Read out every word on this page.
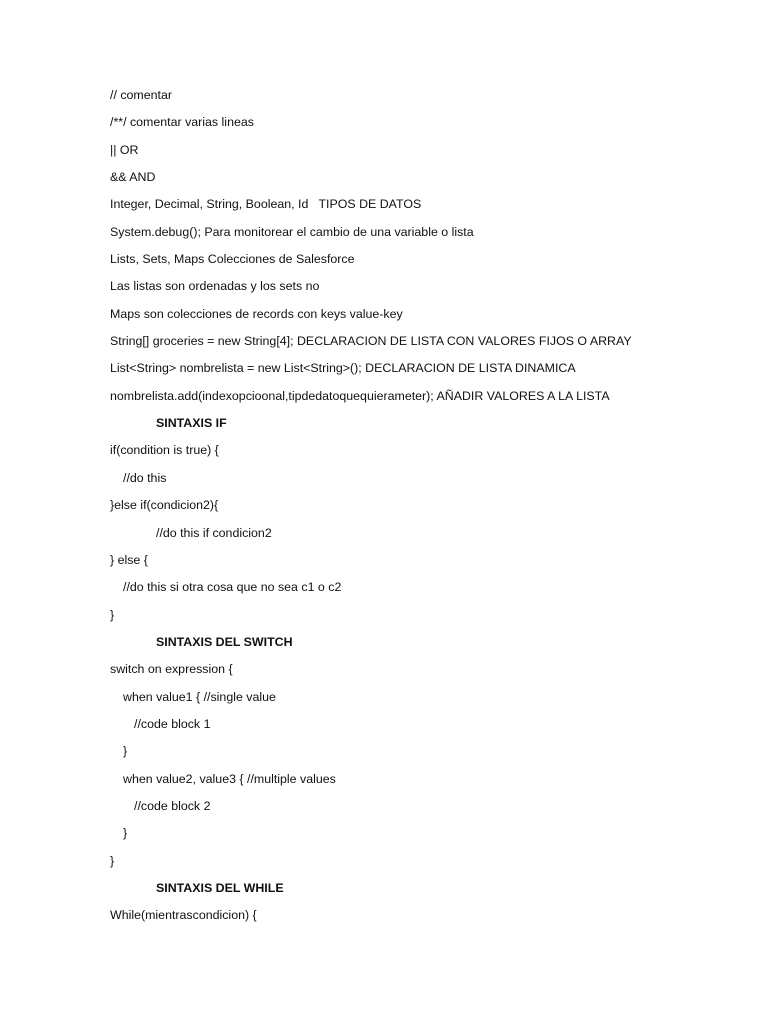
// comentar
/**/ comentar varias lineas
|| OR
&& AND
Integer, Decimal, String, Boolean, Id   TIPOS DE DATOS
System.debug(); Para monitorear el cambio de una variable o lista
Lists, Sets, Maps Colecciones de Salesforce
Las listas son ordenadas y los sets no
Maps son colecciones de records con keys value-key
String[] groceries = new String[4]; DECLARACION DE LISTA CON VALORES FIJOS O ARRAY
List<String> nombrelista = new List<String>(); DECLARACION DE LISTA DINAMICA
nombrelista.add(indexopcioonal,tipdedatoquequierameter); AÑADIR VALORES A LA LISTA
SINTAXIS IF
if(condition is true) {
//do this
}else if(condicion2){
//do this if condicion2
} else {
//do this si otra cosa que no sea c1 o c2
}
SINTAXIS DEL SWITCH
switch on expression {
when value1 { //single value
//code block 1
}
when value2, value3 { //multiple values
//code block 2
}
}
SINTAXIS DEL WHILE
While(mientrascondicion) {
